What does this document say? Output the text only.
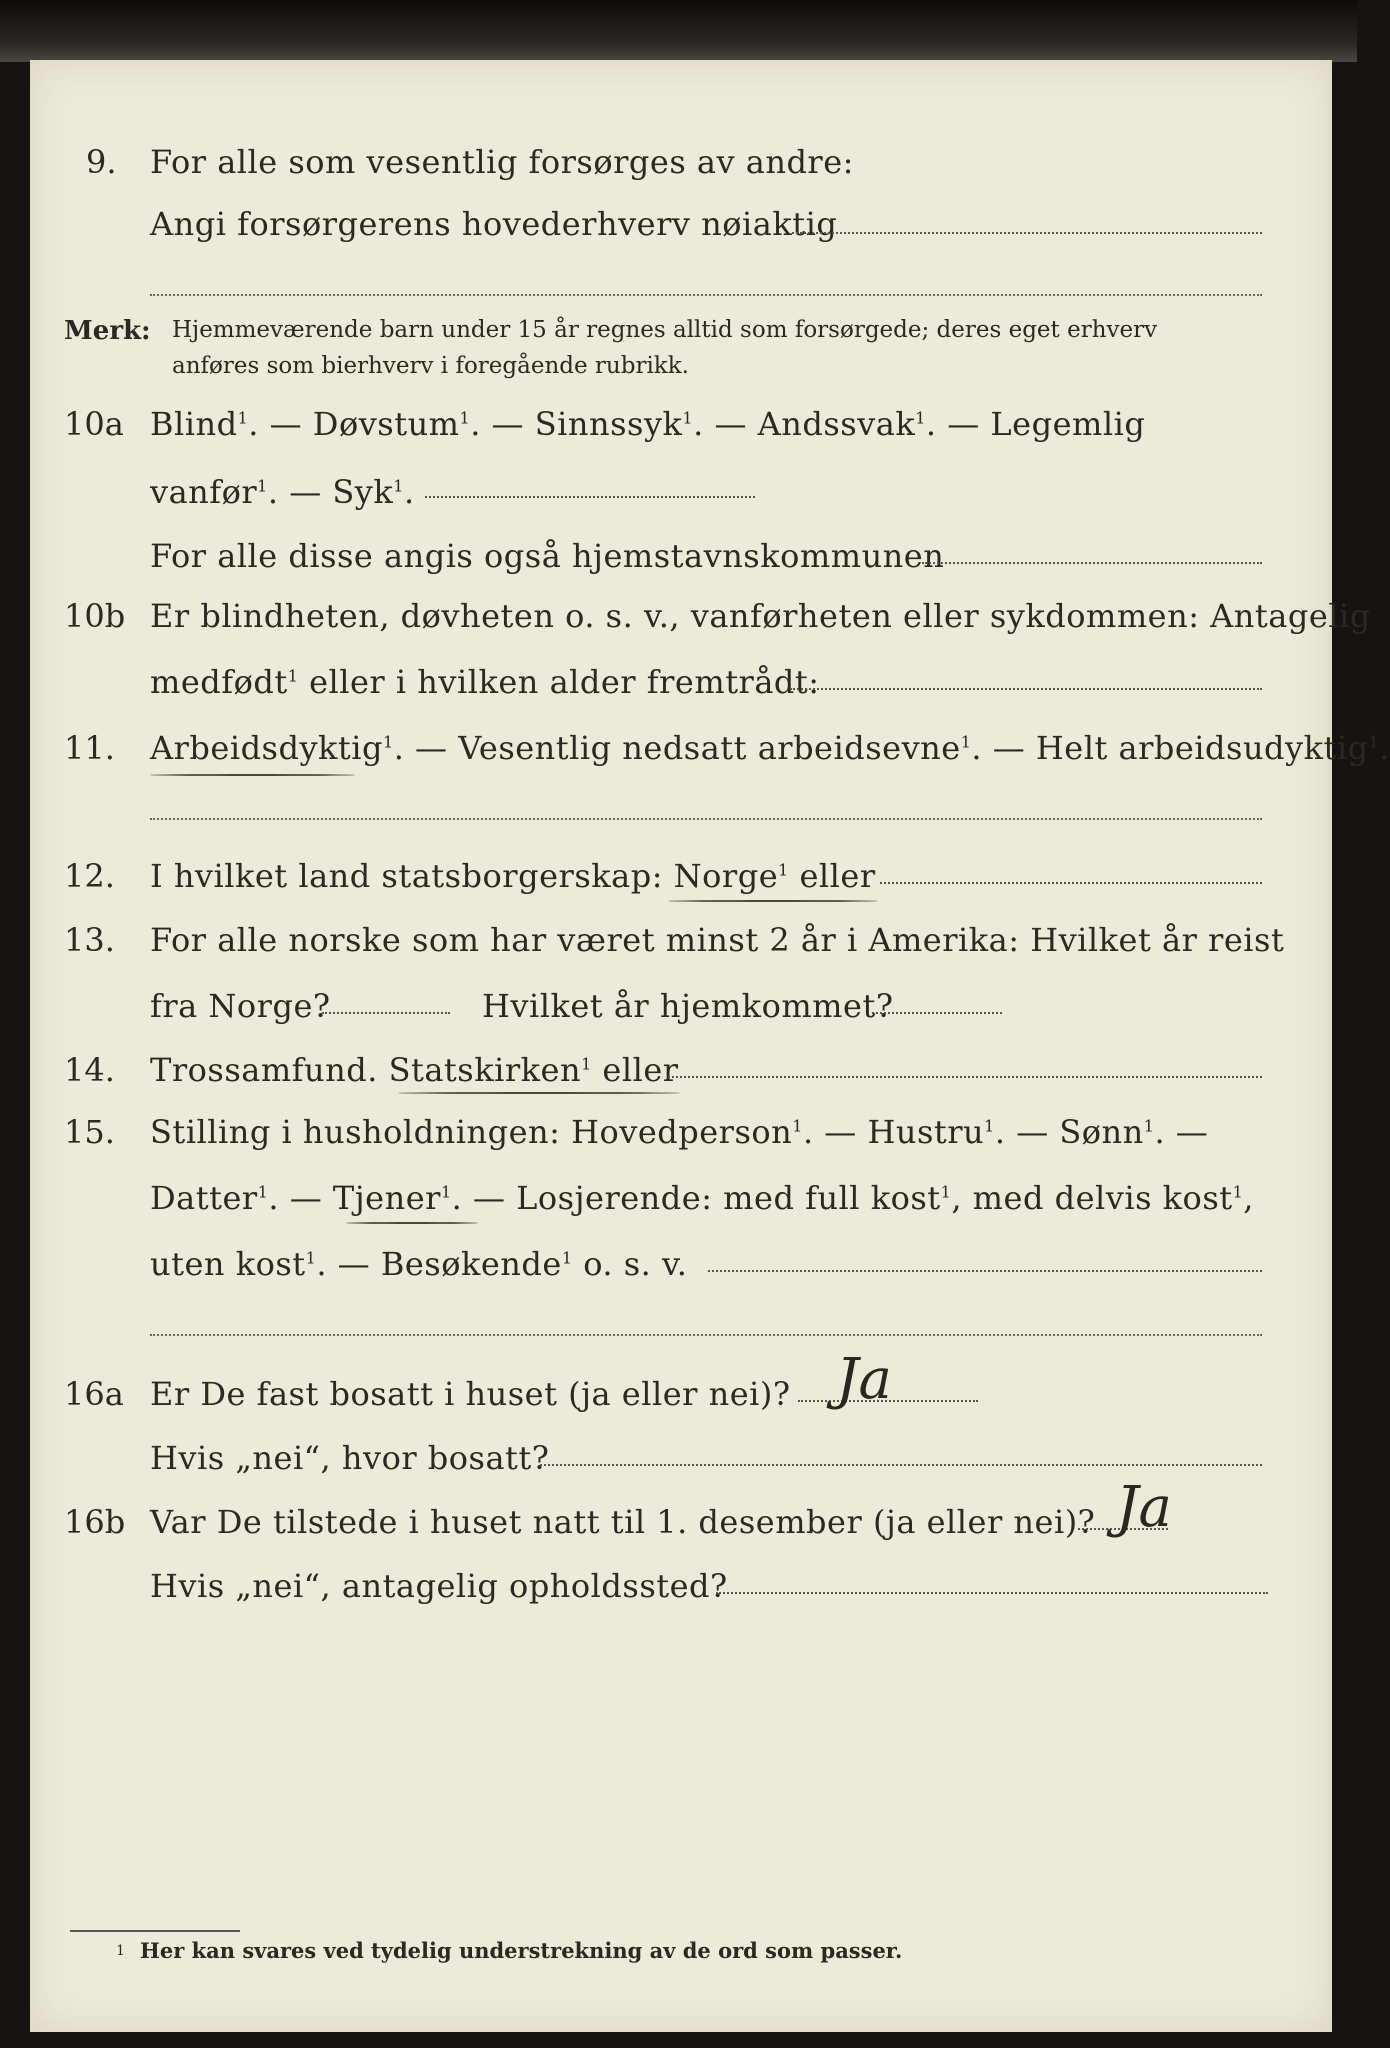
9. For alle som vesentlig forsørges av andre:
Angi forsørgerens hovederhverv nøiaktig
Merk: Hjemmeværende barn under 15 år regnes alltid som forsørgede; deres eget erhverv
anføres som bierhverv i foregående rubrikk.
10a Blind$^1$. — Døvstum$^1$. — Sinnssyk$^1$. — Andssvak$^1$. — Legemlig
vanfør$^1$. — Syk$^1$.
For alle disse angis også hjemstavnskommunen
10b Er blindheten, døvheten o. s. v., vanførheten eller sykdommen: Antagelig
medfødt$^1$ eller i hvilken alder fremtrådt:
11. Arbeidsdyktig$^1$. — Vesentlig nedsatt arbeidsevne$^1$. — Helt arbeidsudyktig$^1$.
12. I hvilket land statsborgerskap: Norge$^1$ eller
13. For alle norske som har været minst 2 år i Amerika: Hvilket år reist
fra Norge?	Hvilket år hjemkommet?
14. Trossamfund. Statskirken$^1$ eller
15. Stilling i husholdningen: Hovedperson$^1$. — Hustru$^1$. — Sønn$^1$. —
Datter$^1$. — Tjener$^1$. — Losjerende: med full kost$^1$, med delvis kost$^1$,
uten kost$^1$. — Besøkende$^1$ o. s. v.
16a Er De fast bosatt i huset (ja eller nei)? Ja
Hvis „nei“, hvor bosatt?
16b Var De tilstede i huset natt til 1. desember (ja eller nei)? Ja
Hvis „nei“, antagelig opholdssted?
1 Her kan svares ved tydelig understrekning av de ord som passer.
